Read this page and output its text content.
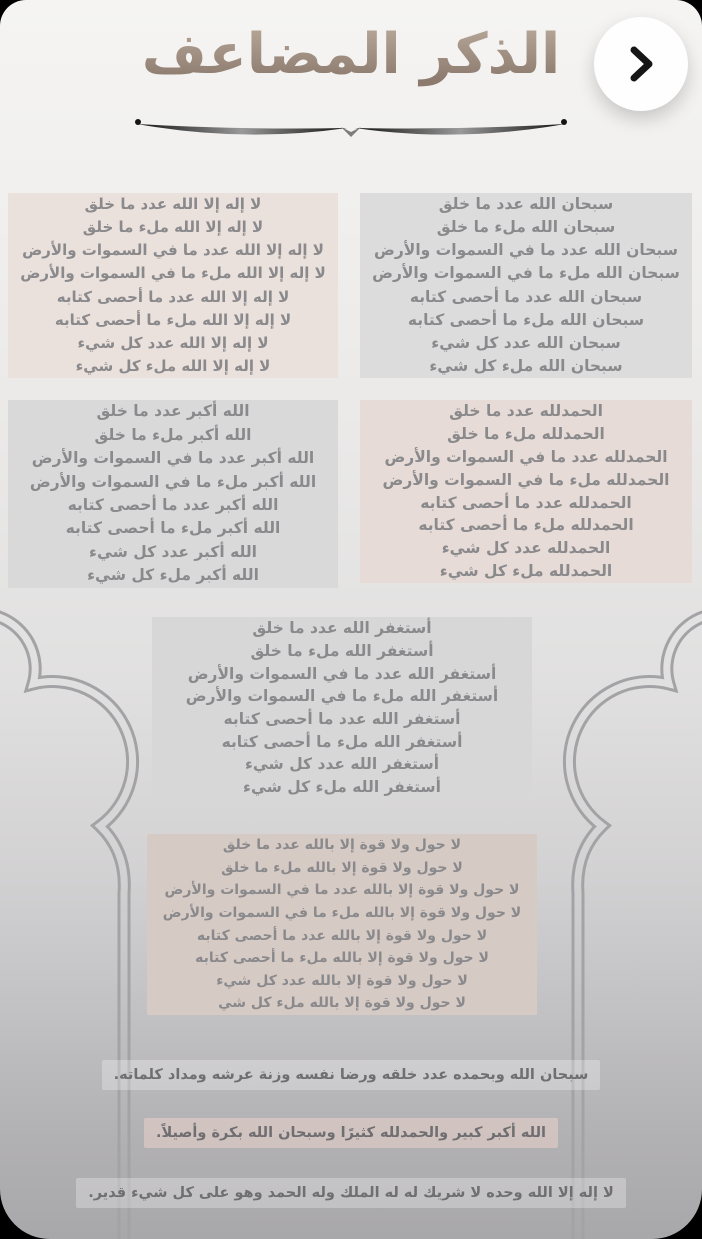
الذكر المضاعف
لا إله إلا الله عدد ما خلق
لا إله إلا الله ملء ما خلق
لا إله إلا الله عدد ما في السموات والأرض
لا إله إلا الله ملء ما في السموات والأرض
لا إله إلا الله عدد ما أحصى كتابه
لا إله إلا الله ملء ما أحصى كتابه
لا إله إلا الله عدد كل شيء
لا إله إلا الله ملء كل شيء
سبحان الله عدد ما خلق
سبحان الله ملء ما خلق
سبحان الله عدد ما في السموات والأرض
سبحان الله ملء ما في السموات والأرض
سبحان الله عدد ما أحصى كتابه
سبحان الله ملء ما أحصى كتابه
سبحان الله عدد كل شيء
سبحان الله ملء كل شيء
الله أكبر عدد ما خلق
الله أكبر ملء ما خلق
الله أكبر عدد ما في السموات والأرض
الله أكبر ملء ما في السموات والأرض
الله أكبر عدد ما أحصى كتابه
الله أكبر ملء ما أحصى كتابه
الله أكبر عدد كل شيء
الله أكبر ملء كل شيء
الحمدلله عدد ما خلق
الحمدلله ملء ما خلق
الحمدلله عدد ما في السموات والأرض
الحمدلله ملء ما في السموات والأرض
الحمدلله عدد ما أحصى كتابه
الحمدلله ملء ما أحصى كتابه
الحمدلله عدد كل شيء
الحمدلله ملء كل شيء
أستغفر الله عدد ما خلق
أستغفر الله ملء ما خلق
أستغفر الله عدد ما في السموات والأرض
أستغفر الله ملء ما في السموات والأرض
أستغفر الله عدد ما أحصى كتابه
أستغفر الله ملء ما أحصى كتابه
أستغفر الله عدد كل شيء
أستغفر الله ملء كل شيء
لا حول ولا قوة إلا بالله عدد ما خلق
لا حول ولا قوة إلا بالله ملء ما خلق
لا حول ولا قوة إلا بالله عدد ما في السموات والأرض
لا حول ولا قوة إلا بالله ملء ما في السموات والأرض
لا حول ولا قوة إلا بالله عدد ما أحصى كتابه
لا حول ولا قوة إلا بالله ملء ما أحصى كتابه
لا حول ولا قوة إلا بالله عدد كل شيء
لا حول ولا قوة إلا بالله ملء كل شي
سبحان الله وبحمده عدد خلقه ورضا نفسه وزنة عرشه ومداد كلماته.
الله أكبر كبير والحمدلله كثيرًا وسبحان الله بكرة وأصيلاً.
لا إله إلا الله وحده لا شريك له له الملك وله الحمد وهو على كل شيء قدير.
